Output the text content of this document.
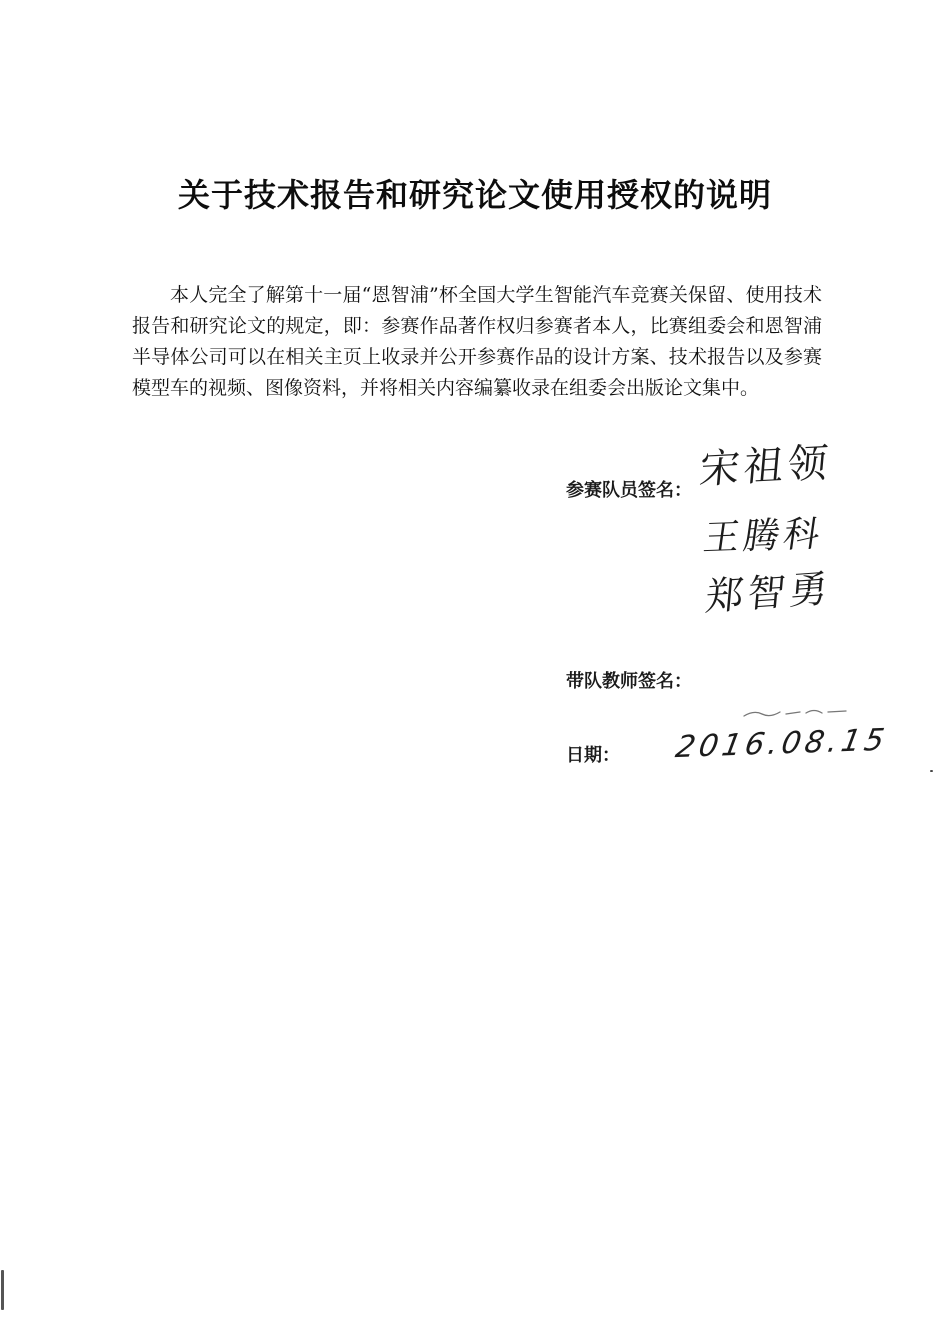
关于技术报告和研究论文使用授权的说明
本人完全了解第十一届“恩智浦”杯全国大学生智能汽车竞赛关保留、使用技术报告和研究论文的规定，即：参赛作品著作权归参赛者本人，比赛组委会和恩智浦半导体公司可以在相关主页上收录并公开参赛作品的设计方案、技术报告以及参赛模型车的视频、图像资料，并将相关内容编纂收录在组委会出版论文集中。
参赛队员签名： 宋祖领
王腾科
郑智勇
带队教师签名：
日期： 2016.08.15
